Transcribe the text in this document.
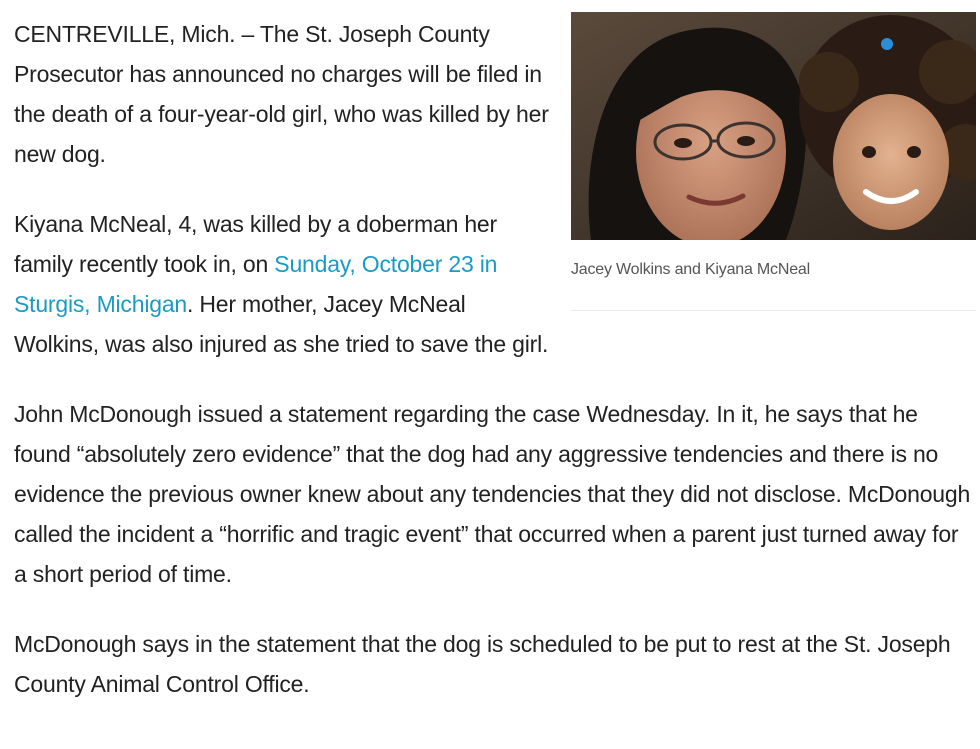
Jacey Wolkins and Kiyana McNeal

CENTREVILLE, Mich. – The St. Joseph County Prosecutor has announced no charges will be filed in the death of a four-year-old girl, who was killed by her new dog.

Kiyana McNeal, 4, was killed by a doberman her family recently took in, on Sunday, October 23 in Sturgis, Michigan. Her mother, Jacey McNeal Wolkins, was also injured as she tried to save the girl.

John McDonough issued a statement regarding the case Wednesday. In it, he says that he found “absolutely zero evidence” that the dog had any aggressive tendencies and there is no evidence the previous owner knew about any tendencies that they did not disclose. McDonough called the incident a “horrific and tragic event” that occurred when a parent just turned away for a short period of time.

McDonough says in the statement that the dog is scheduled to be put to rest at the St. Joseph County Animal Control Office.
